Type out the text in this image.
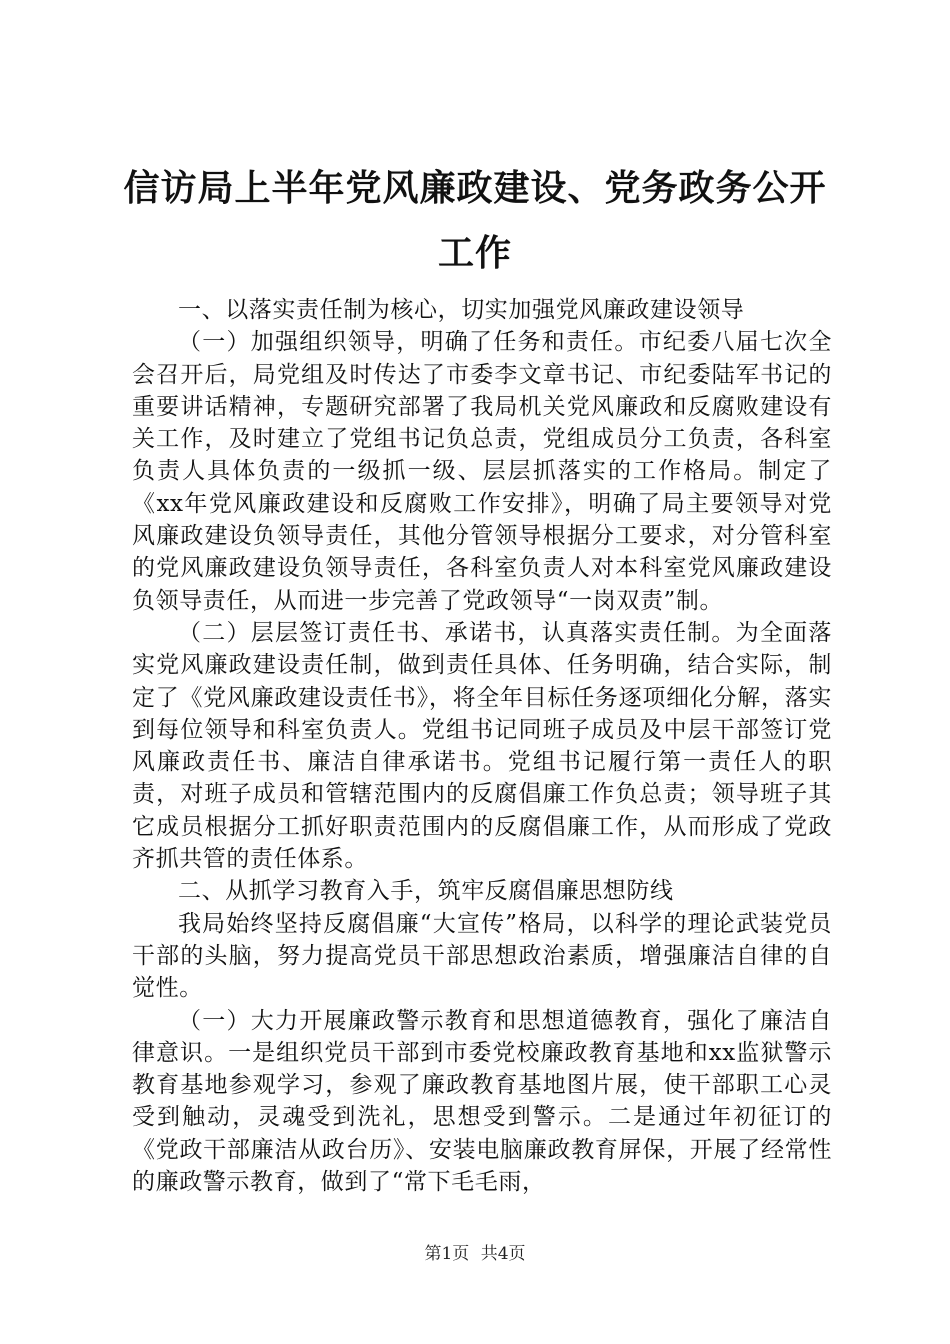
信访局上半年党风廉政建设、党务政务公开工作

一、以落实责任制为核心，切实加强党风廉政建设领导

（一）加强组织领导，明确了任务和责任。市纪委八届七次全会召开后，局党组及时传达了市委李文章书记、市纪委陆军书记的重要讲话精神，专题研究部署了我局机关党风廉政和反腐败建设有关工作，及时建立了党组书记负总责，党组成员分工负责，各科室负责人具体负责的一级抓一级、层层抓落实的工作格局。制定了《xx年党风廉政建设和反腐败工作安排》，明确了局主要领导对党风廉政建设负领导责任，其他分管领导根据分工要求，对分管科室的党风廉政建设负领导责任，各科室负责人对本科室党风廉政建设负领导责任，从而进一步完善了党政领导“一岗双责”制。

（二）层层签订责任书、承诺书，认真落实责任制。为全面落实党风廉政建设责任制，做到责任具体、任务明确，结合实际，制定了《党风廉政建设责任书》，将全年目标任务逐项细化分解，落实到每位领导和科室负责人。党组书记同班子成员及中层干部签订党风廉政责任书、廉洁自律承诺书。党组书记履行第一责任人的职责，对班子成员和管辖范围内的反腐倡廉工作负总责；领导班子其它成员根据分工抓好职责范围内的反腐倡廉工作，从而形成了党政齐抓共管的责任体系。

二、从抓学习教育入手，筑牢反腐倡廉思想防线

我局始终坚持反腐倡廉“大宣传”格局，以科学的理论武装党员干部的头脑，努力提高党员干部思想政治素质，增强廉洁自律的自觉性。

（一）大力开展廉政警示教育和思想道德教育，强化了廉洁自律意识。一是组织党员干部到市委党校廉政教育基地和xx监狱警示教育基地参观学习，参观了廉政教育基地图片展，使干部职工心灵受到触动，灵魂受到洗礼，思想受到警示。二是通过年初征订的《党政干部廉洁从政台历》、安装电脑廉政教育屏保，开展了经常性的廉政警示教育，做到了“常下毛毛雨，

第1页 共4页
